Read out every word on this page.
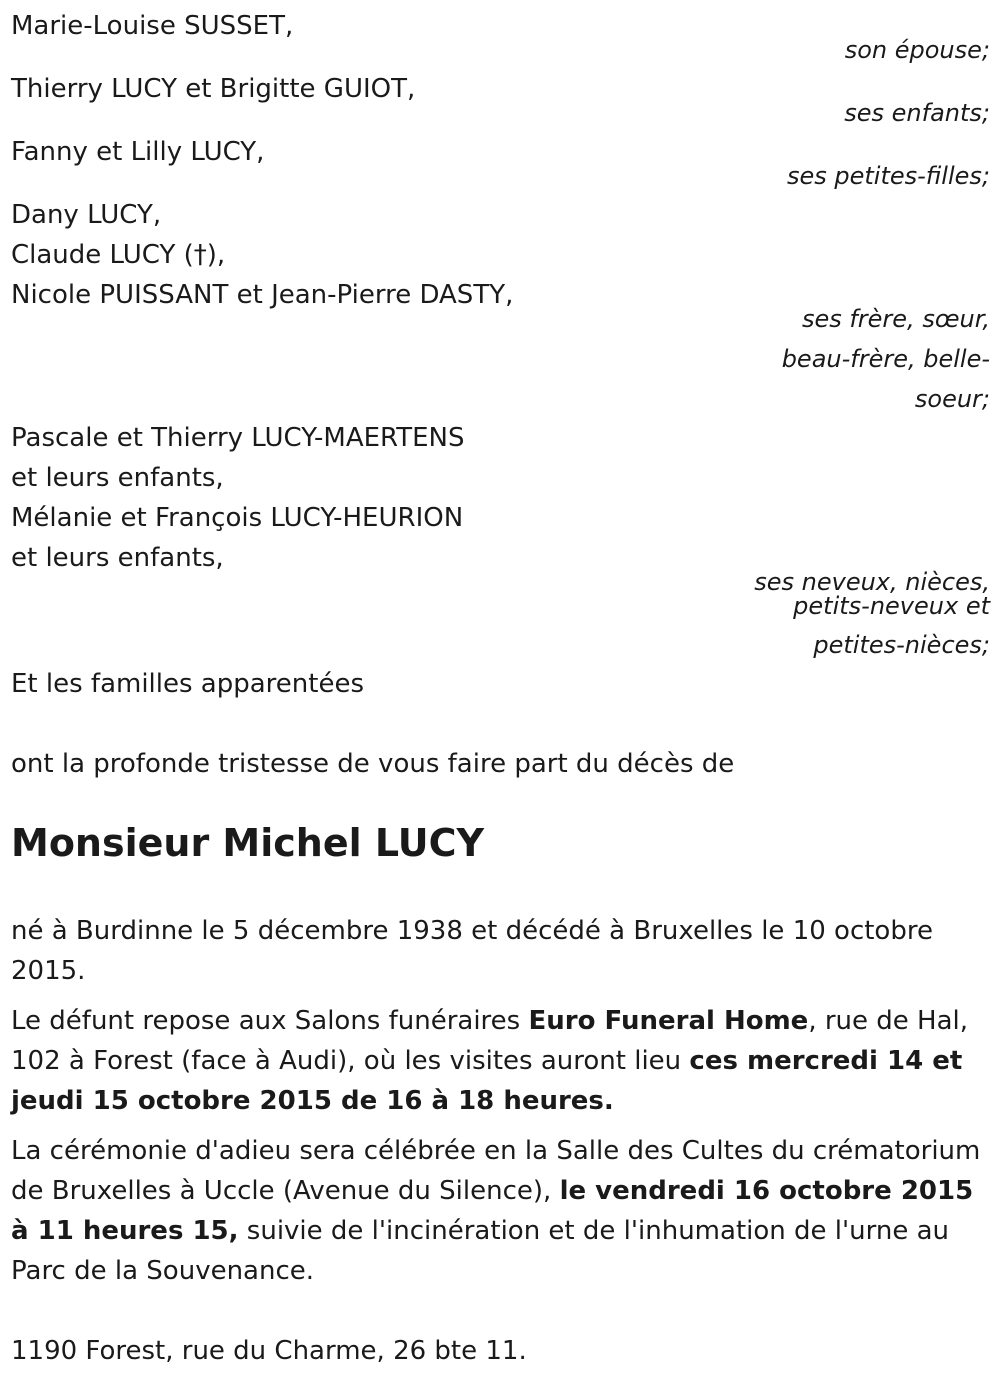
Marie-Louise SUSSET,
son épouse;
Thierry LUCY et Brigitte GUIOT,
ses enfants;
Fanny et Lilly LUCY,
ses petites-filles;
Dany LUCY,
Claude LUCY (†),
Nicole PUISSANT et Jean-Pierre DASTY,
ses frère, sœur,
beau-frère, belle-
soeur;
Pascale et Thierry LUCY-MAERTENS
et leurs enfants,
Mélanie et François LUCY-HEURION
et leurs enfants,
ses neveux, nièces,
petits-neveux et
petites-nièces;
Et les familles apparentées
ont la profonde tristesse de vous faire part du décès de
Monsieur Michel LUCY
né à Burdinne le 5 décembre 1938 et décédé à Bruxelles le 10 octobre 2015.
Le défunt repose aux Salons funéraires Euro Funeral Home, rue de Hal, 102 à Forest (face à Audi), où les visites auront lieu ces mercredi 14 et jeudi 15 octobre 2015 de 16 à 18 heures.
La cérémonie d'adieu sera célébrée en la Salle des Cultes du crématorium de Bruxelles à Uccle (Avenue du Silence), le vendredi 16 octobre 2015 à 11 heures 15, suivie de l'incinération et de l'inhumation de l'urne au Parc de la Souvenance.
1190 Forest, rue du Charme, 26 bte 11.
